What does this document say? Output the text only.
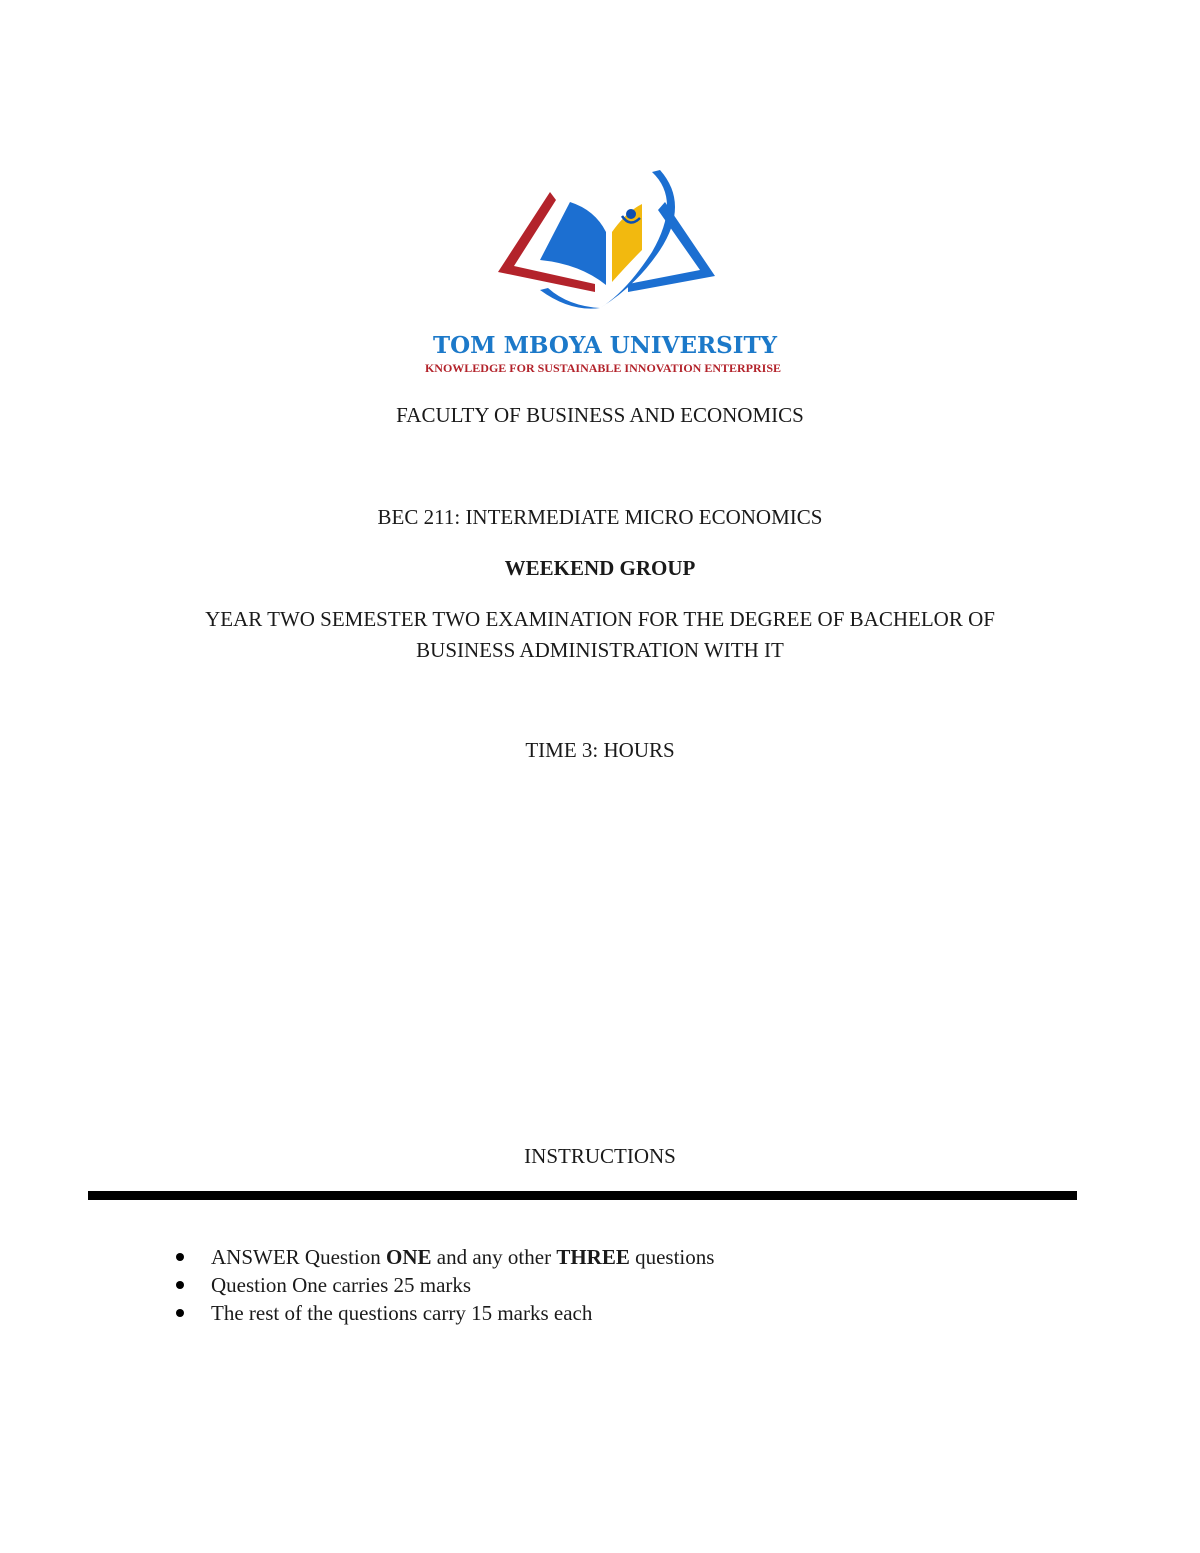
TOM MBOYA UNIVERSITY
KNOWLEDGE FOR SUSTAINABLE INNOVATION ENTERPRISE
FACULTY OF BUSINESS AND ECONOMICS
BEC 211: INTERMEDIATE MICRO ECONOMICS
WEEKEND GROUP
YEAR TWO SEMESTER TWO EXAMINATION FOR THE DEGREE OF BACHELOR OF
BUSINESS ADMINISTRATION WITH IT
TIME 3: HOURS
INSTRUCTIONS
ANSWER Question ONE and any other THREE questions
Question One carries 25 marks
The rest of the questions carry 15 marks each
